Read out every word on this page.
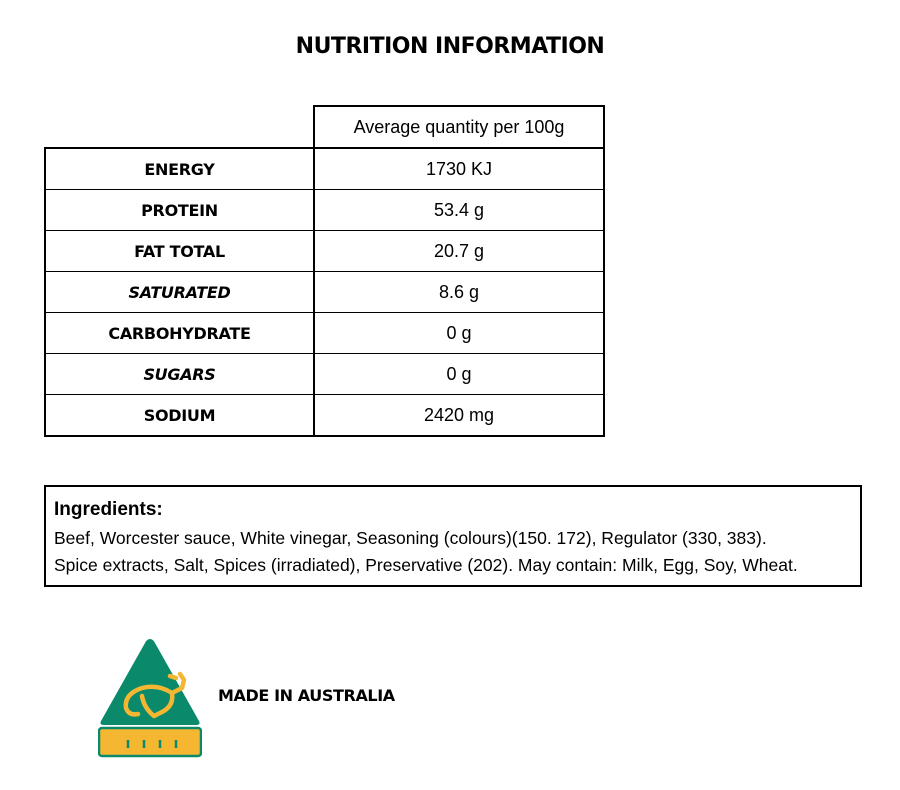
NUTRITION INFORMATION
	Average quantity per 100g
ENERGY	1730 KJ
PROTEIN	53.4 g
FAT TOTAL	20.7 g
SATURATED	8.6 g
CARBOHYDRATE	0 g
SUGARS	0 g
SODIUM	2420 mg
Ingredients:
Beef, Worcester sauce, White vinegar, Seasoning (colours)(150. 172), Regulator (330, 383).
Spice extracts, Salt, Spices (irradiated), Preservative (202). May contain: Milk, Egg, Soy, Wheat.
MADE IN AUSTRALIA
